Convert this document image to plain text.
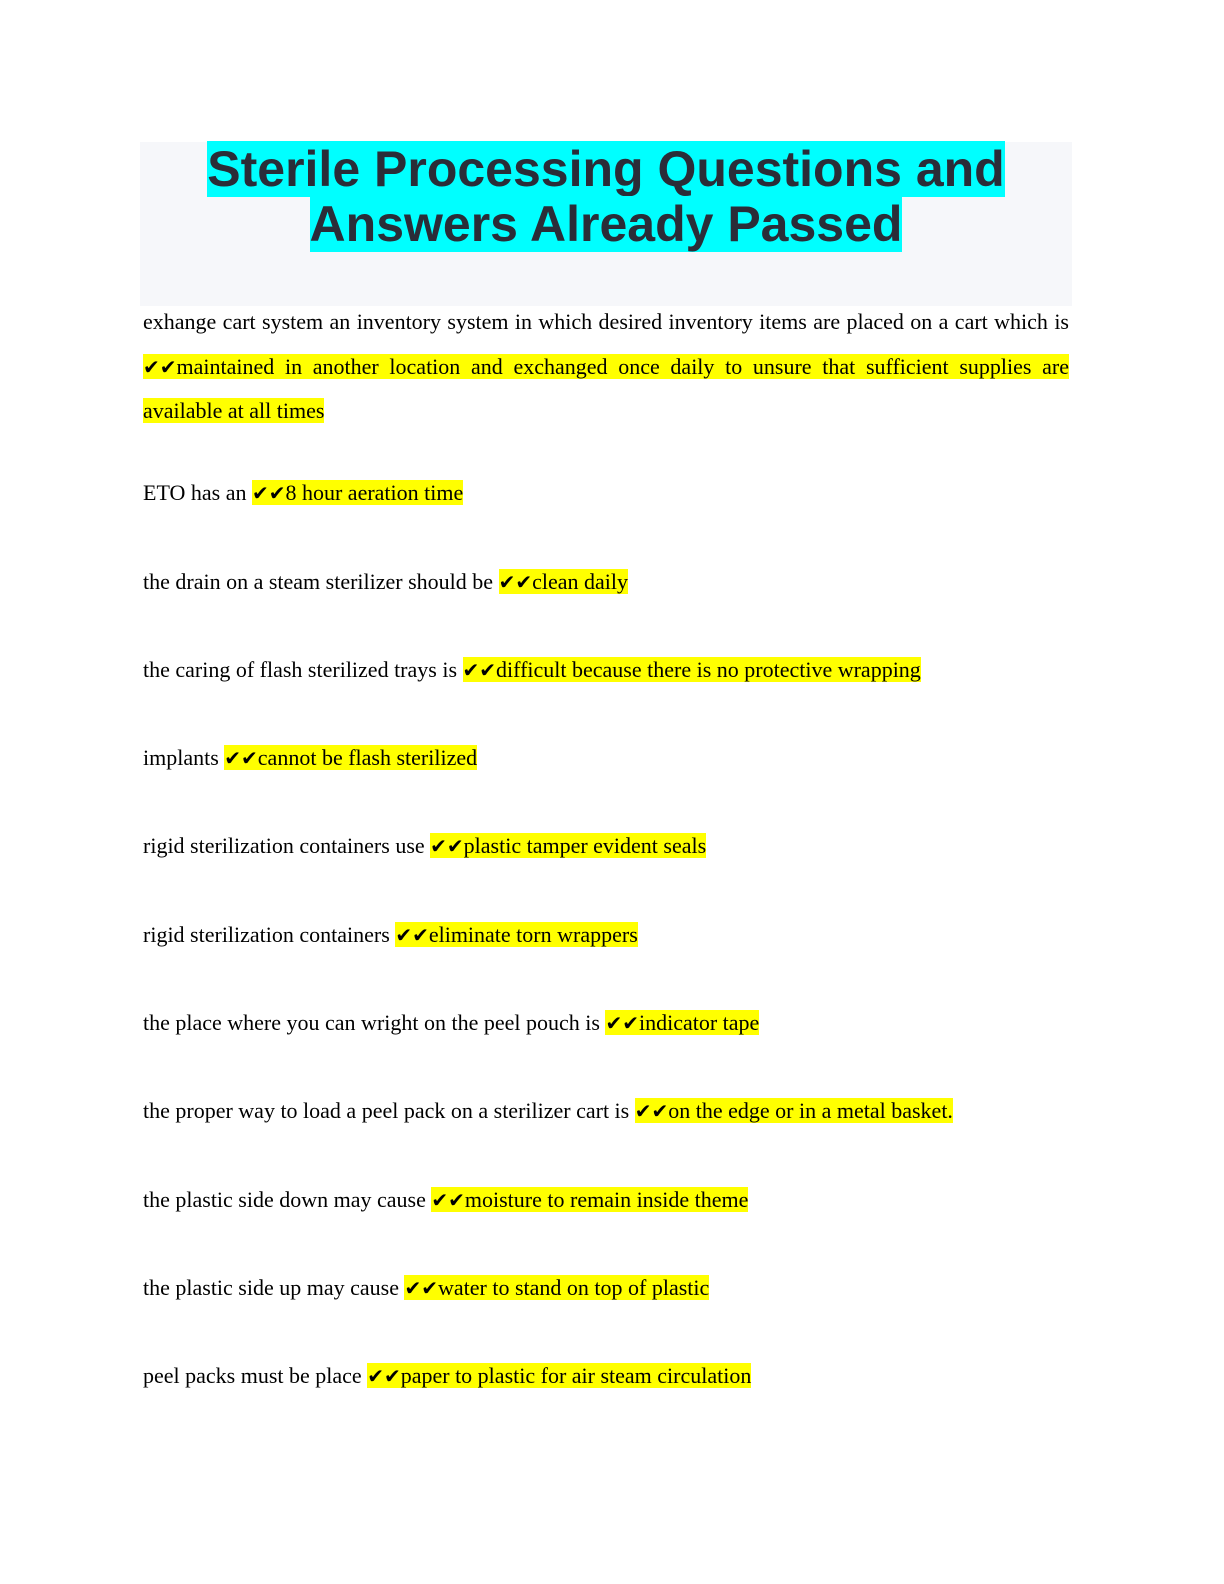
Sterile Processing Questions and Answers Already Passed

exhange cart system an inventory system in which desired inventory items are placed on a cart which is ✔✔maintained in another location and exchanged once daily to unsure that sufficient supplies are available at all times

ETO has an ✔✔8 hour aeration time

the drain on a steam sterilizer should be ✔✔clean daily

the caring of flash sterilized trays is ✔✔difficult because there is no protective wrapping

implants ✔✔cannot be flash sterilized

rigid sterilization containers use ✔✔plastic tamper evident seals

rigid sterilization containers ✔✔eliminate torn wrappers

the place where you can wright on the peel pouch is ✔✔indicator tape

the proper way to load a peel pack on a sterilizer cart is ✔✔on the edge or in a metal basket.

the plastic side down may cause ✔✔moisture to remain inside theme

the plastic side up may cause ✔✔water to stand on top of plastic

peel packs must be place ✔✔paper to plastic for air steam circulation
